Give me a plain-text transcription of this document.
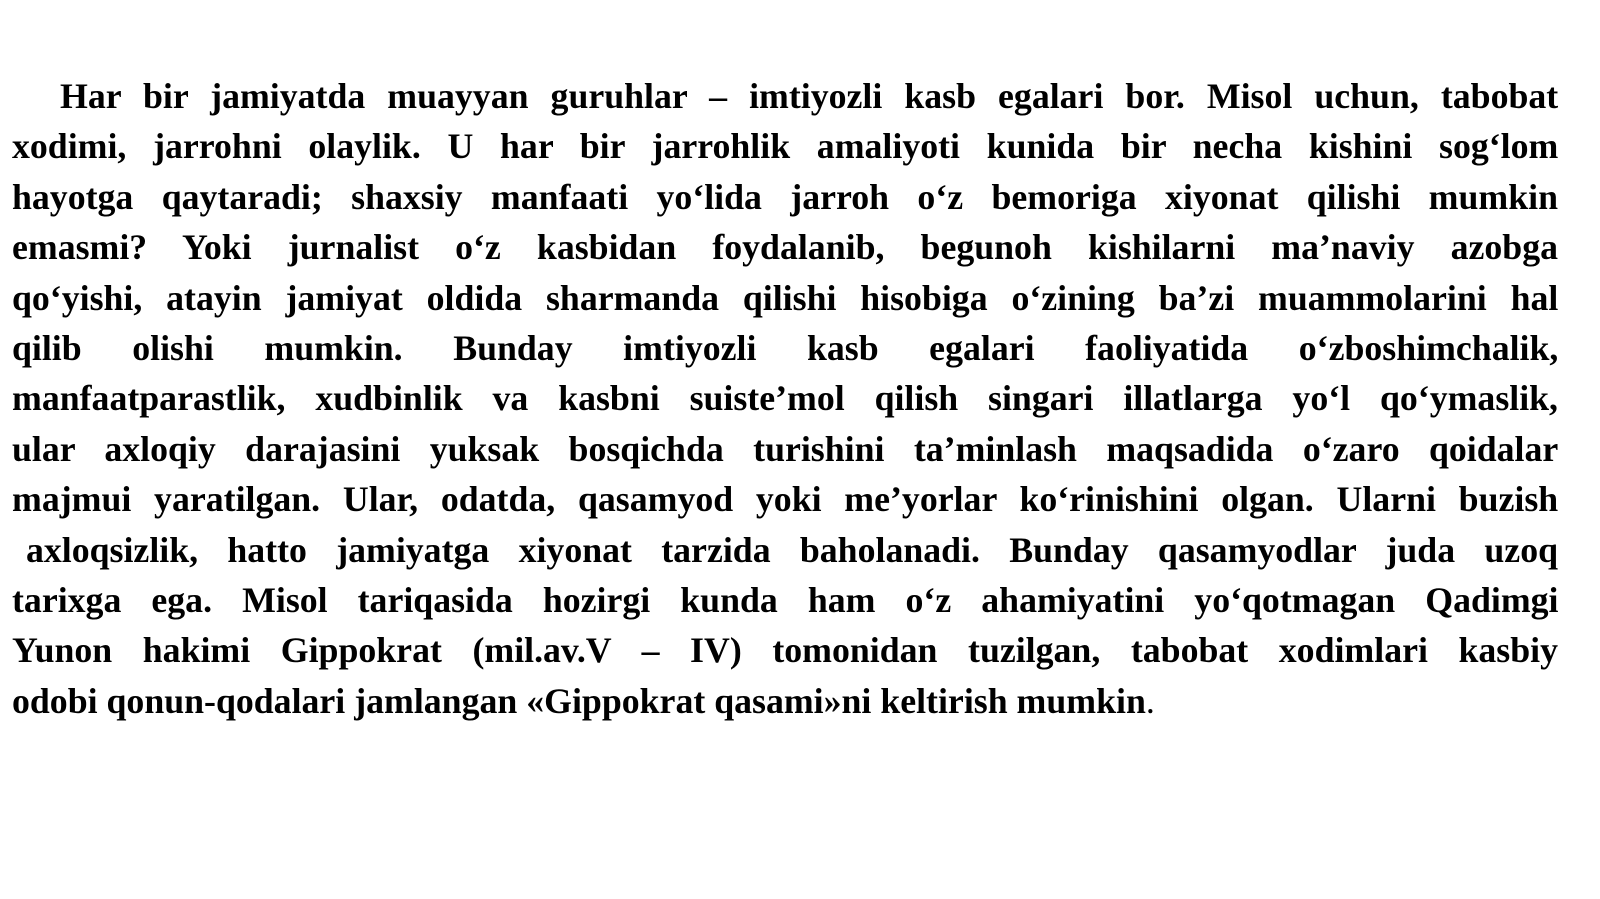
Har bir jamiyatda muayyan guruhlar – imtiyozli kasb egalari bor. Misol uchun, tabobat
xodimi, jarrohni olaylik. U har bir jarrohlik amaliyoti kunida bir necha kishini sog‘lom
hayotga qaytaradi; shaxsiy manfaati yo‘lida jarroh o‘z bemoriga xiyonat qilishi mumkin
emasmi? Yoki jurnalist o‘z kasbidan foydalanib, begunoh kishilarni ma’naviy azobga
qo‘yishi, atayin jamiyat oldida sharmanda qilishi hisobiga o‘zining ba’zi muammolarini hal
qilib olishi mumkin. Bunday imtiyozli kasb egalari faoliyatida o‘zboshimchalik,
manfaatparastlik, xudbinlik va kasbni suiste’mol qilish singari illatlarga yo‘l qo‘ymaslik,
ular axloqiy darajasini yuksak bosqichda turishini ta’minlash maqsadida o‘zaro qoidalar
majmui yaratilgan. Ular, odatda, qasamyod yoki me’yorlar ko‘rinishini olgan. Ularni buzish
axloqsizlik, hatto jamiyatga xiyonat tarzida baholanadi. Bunday qasamyodlar juda uzoq
tarixga ega. Misol tariqasida hozirgi kunda ham o‘z ahamiyatini yo‘qotmagan Qadimgi
Yunon hakimi Gippokrat (mil.av.V – IV) tomonidan tuzilgan, tabobat xodimlari kasbiy
odobi qonun-qodalari jamlangan «Gippokrat qasami»ni keltirish mumkin.
